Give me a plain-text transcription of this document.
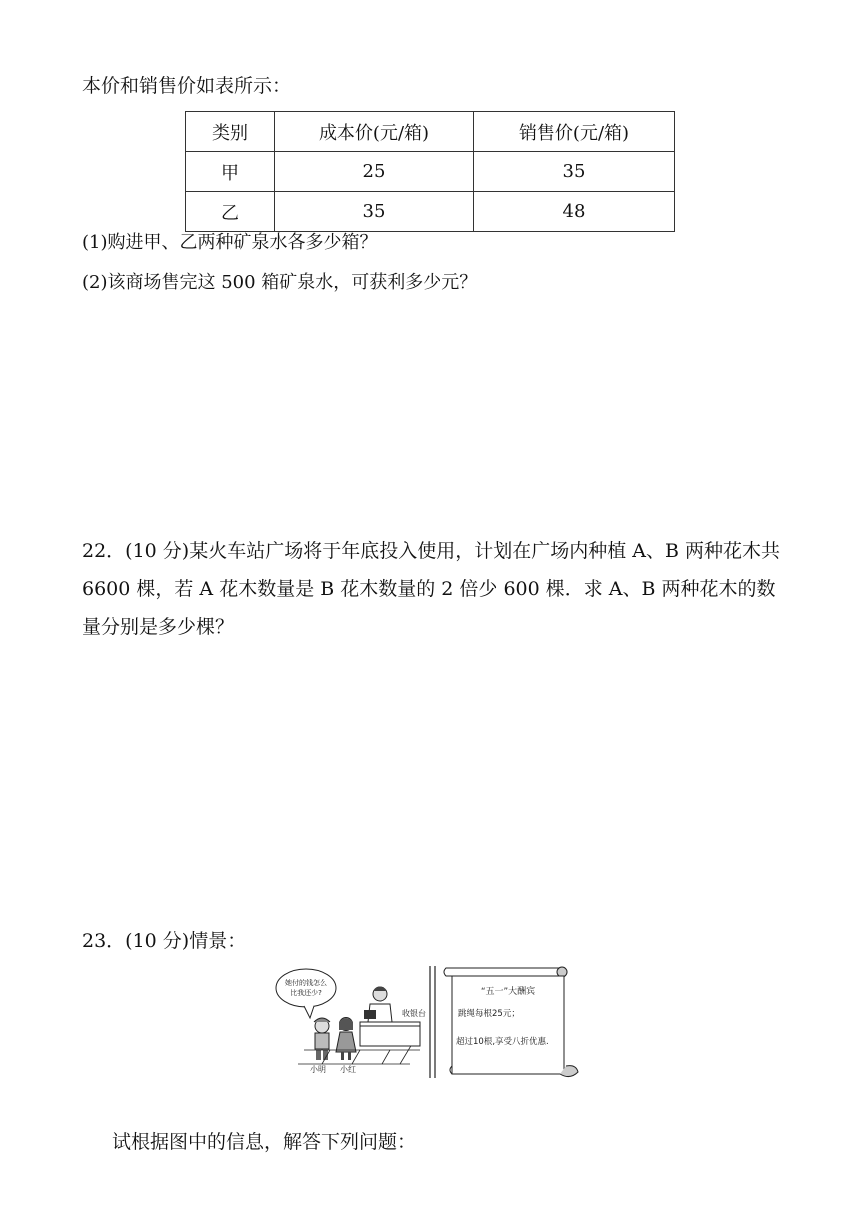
本价和销售价如表所示：
类别	成本价(元/箱)	销售价(元/箱)
甲	25	35
乙	35	48
(1)购进甲、乙两种矿泉水各多少箱？
(2)该商场售完这 500 箱矿泉水，可获利多少元？
22．(10 分)某火车站广场将于年底投入使用，计划在广场内种植 A、B 两种花木共 6600 棵，若 A 花木数量是 B 花木数量的 2 倍少 600 棵．求 A、B 两种花木的数量分别是多少棵？
23．(10 分)情景：
她付的钱怎么
比我还少?
小明 小红
收银台
“五一”大酬宾
跳绳每根25元；
超过10根,享受八折优惠.
试根据图中的信息，解答下列问题：
